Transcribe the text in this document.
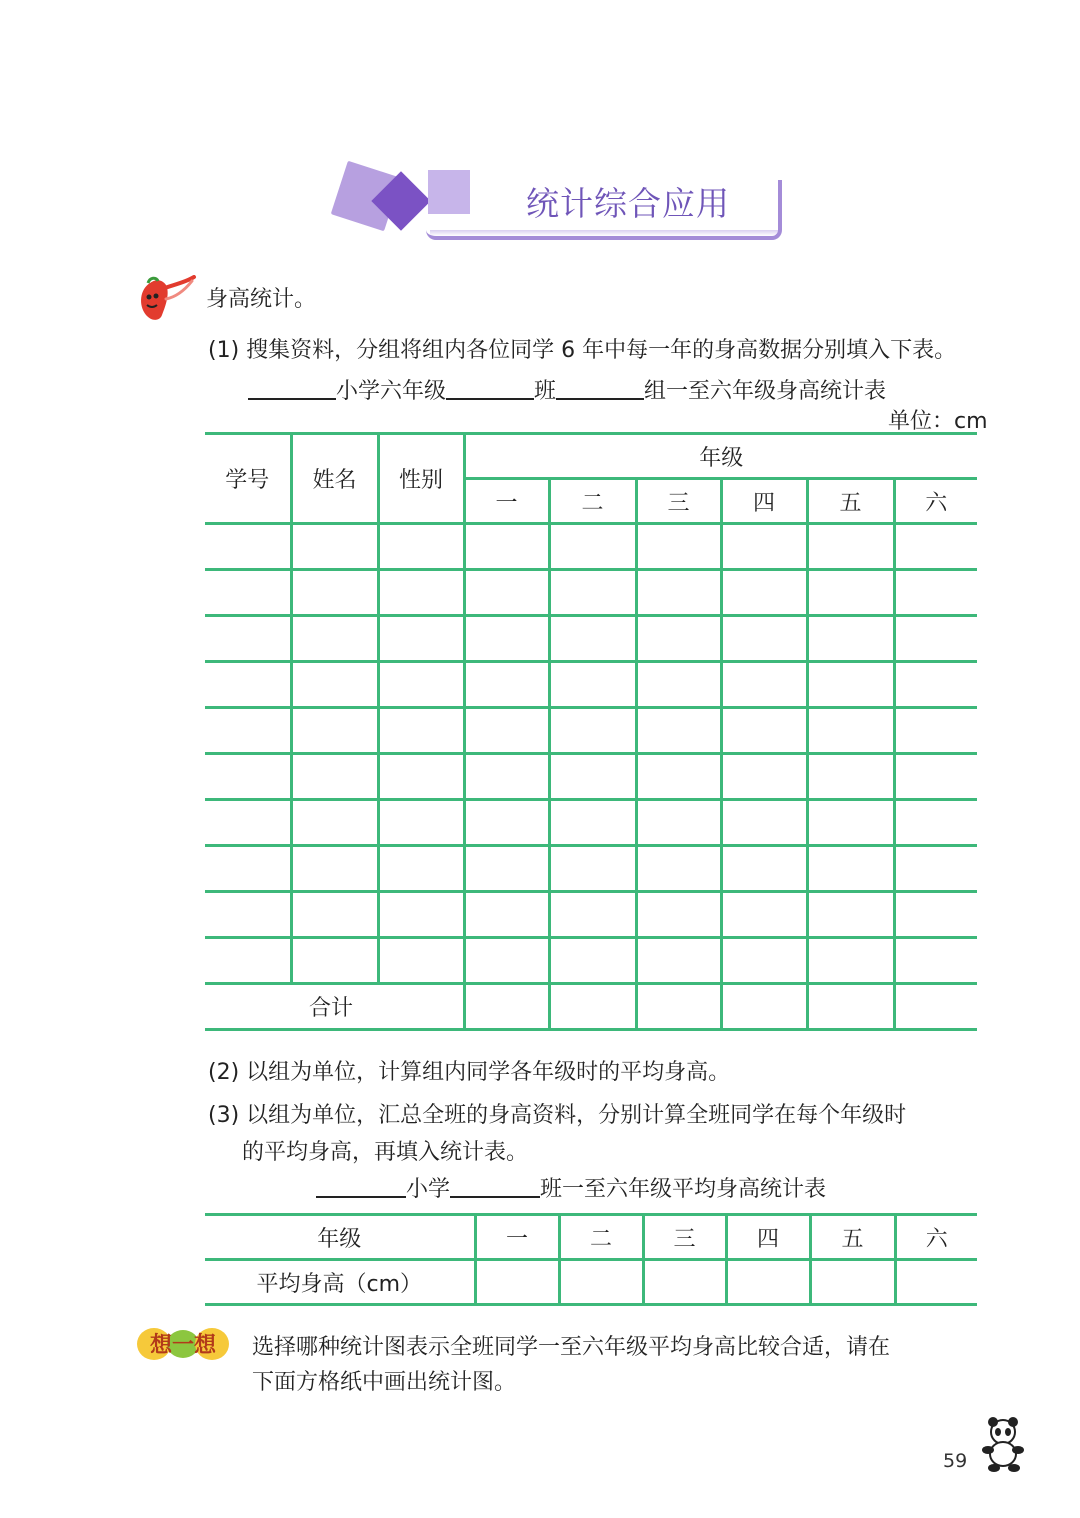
统计综合应用
身高统计。
(1) 搜集资料，分组将组内各位同学 6 年中每一年的身高数据分别填入下表。
小学六年级	班	组一至六年级身高统计表
单位：cm
学号	姓名	性别	年级					
			一	二	三	四	五	六

合计								
(2) 以组为单位，计算组内同学各年级时的平均身高。
(3) 以组为单位，汇总全班的身高资料，分别计算全班同学在每个年级时
的平均身高，再填入统计表。
小学	班一至六年级平均身高统计表
年级	一	二	三	四	五	六
平均身高（cm）						
想一想 选择哪种统计图表示全班同学一至六年级平均身高比较合适，请在
下面方格纸中画出统计图。
59
